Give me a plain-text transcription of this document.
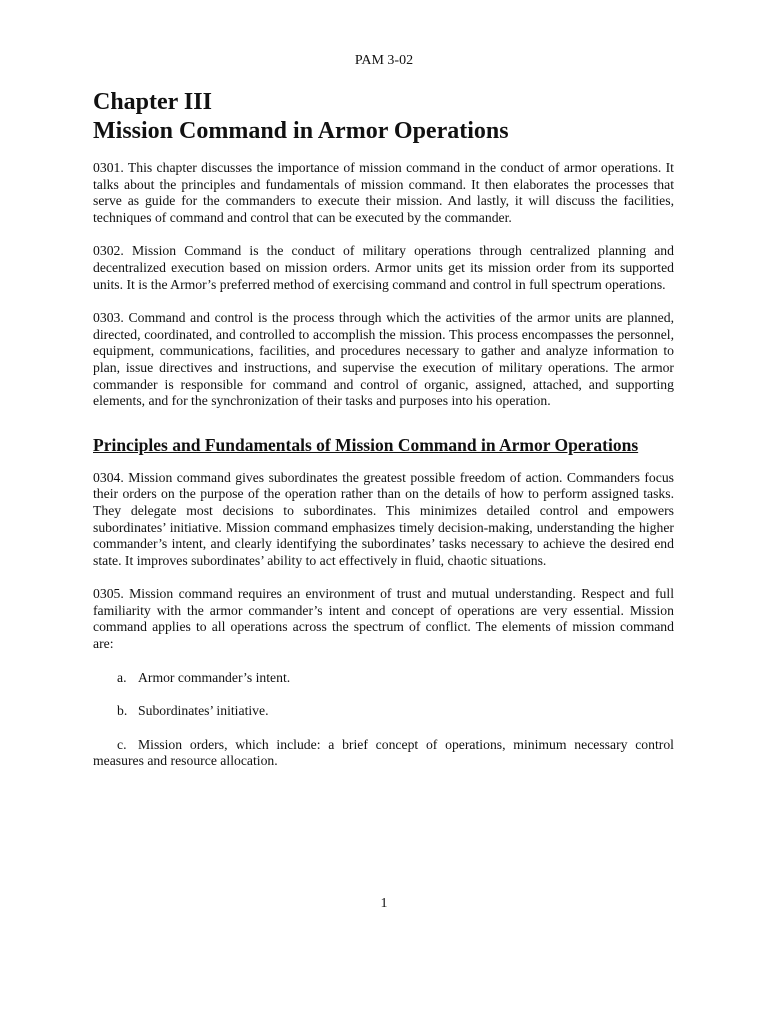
PAM 3-02
Chapter III
Mission Command in Armor Operations

0301. This chapter discusses the importance of mission command in the conduct of armor operations. It talks about the principles and fundamentals of mission command. It then elaborates the processes that serve as guide for the commanders to execute their mission. And lastly, it will discuss the facilities, techniques of command and control that can be executed by the commander.

0302. Mission Command is the conduct of military operations through centralized planning and decentralized execution based on mission orders. Armor units get its mission order from its supported units. It is the Armor’s preferred method of exercising command and control in full spectrum operations.

0303. Command and control is the process through which the activities of the armor units are planned, directed, coordinated, and controlled to accomplish the mission. This process encompasses the personnel, equipment, communications, facilities, and procedures necessary to gather and analyze information to plan, issue directives and instructions, and supervise the execution of military operations. The armor commander is responsible for command and control of organic, assigned, attached, and supporting elements, and for the synchronization of their tasks and purposes into his operation.

Principles and Fundamentals of Mission Command in Armor Operations

0304. Mission command gives subordinates the greatest possible freedom of action. Commanders focus their orders on the purpose of the operation rather than on the details of how to perform assigned tasks. They delegate most decisions to subordinates. This minimizes detailed control and empowers subordinates’ initiative. Mission command emphasizes timely decision-making, understanding the higher commander’s intent, and clearly identifying the subordinates’ tasks necessary to achieve the desired end state. It improves subordinates’ ability to act effectively in fluid, chaotic situations.

0305. Mission command requires an environment of trust and mutual understanding. Respect and full familiarity with the armor commander’s intent and concept of operations are very essential. Mission command applies to all operations across the spectrum of conflict. The elements of mission command are:

a. Armor commander’s intent.

b. Subordinates’ initiative.

c. Mission orders, which include: a brief concept of operations, minimum necessary control measures and resource allocation.

1
